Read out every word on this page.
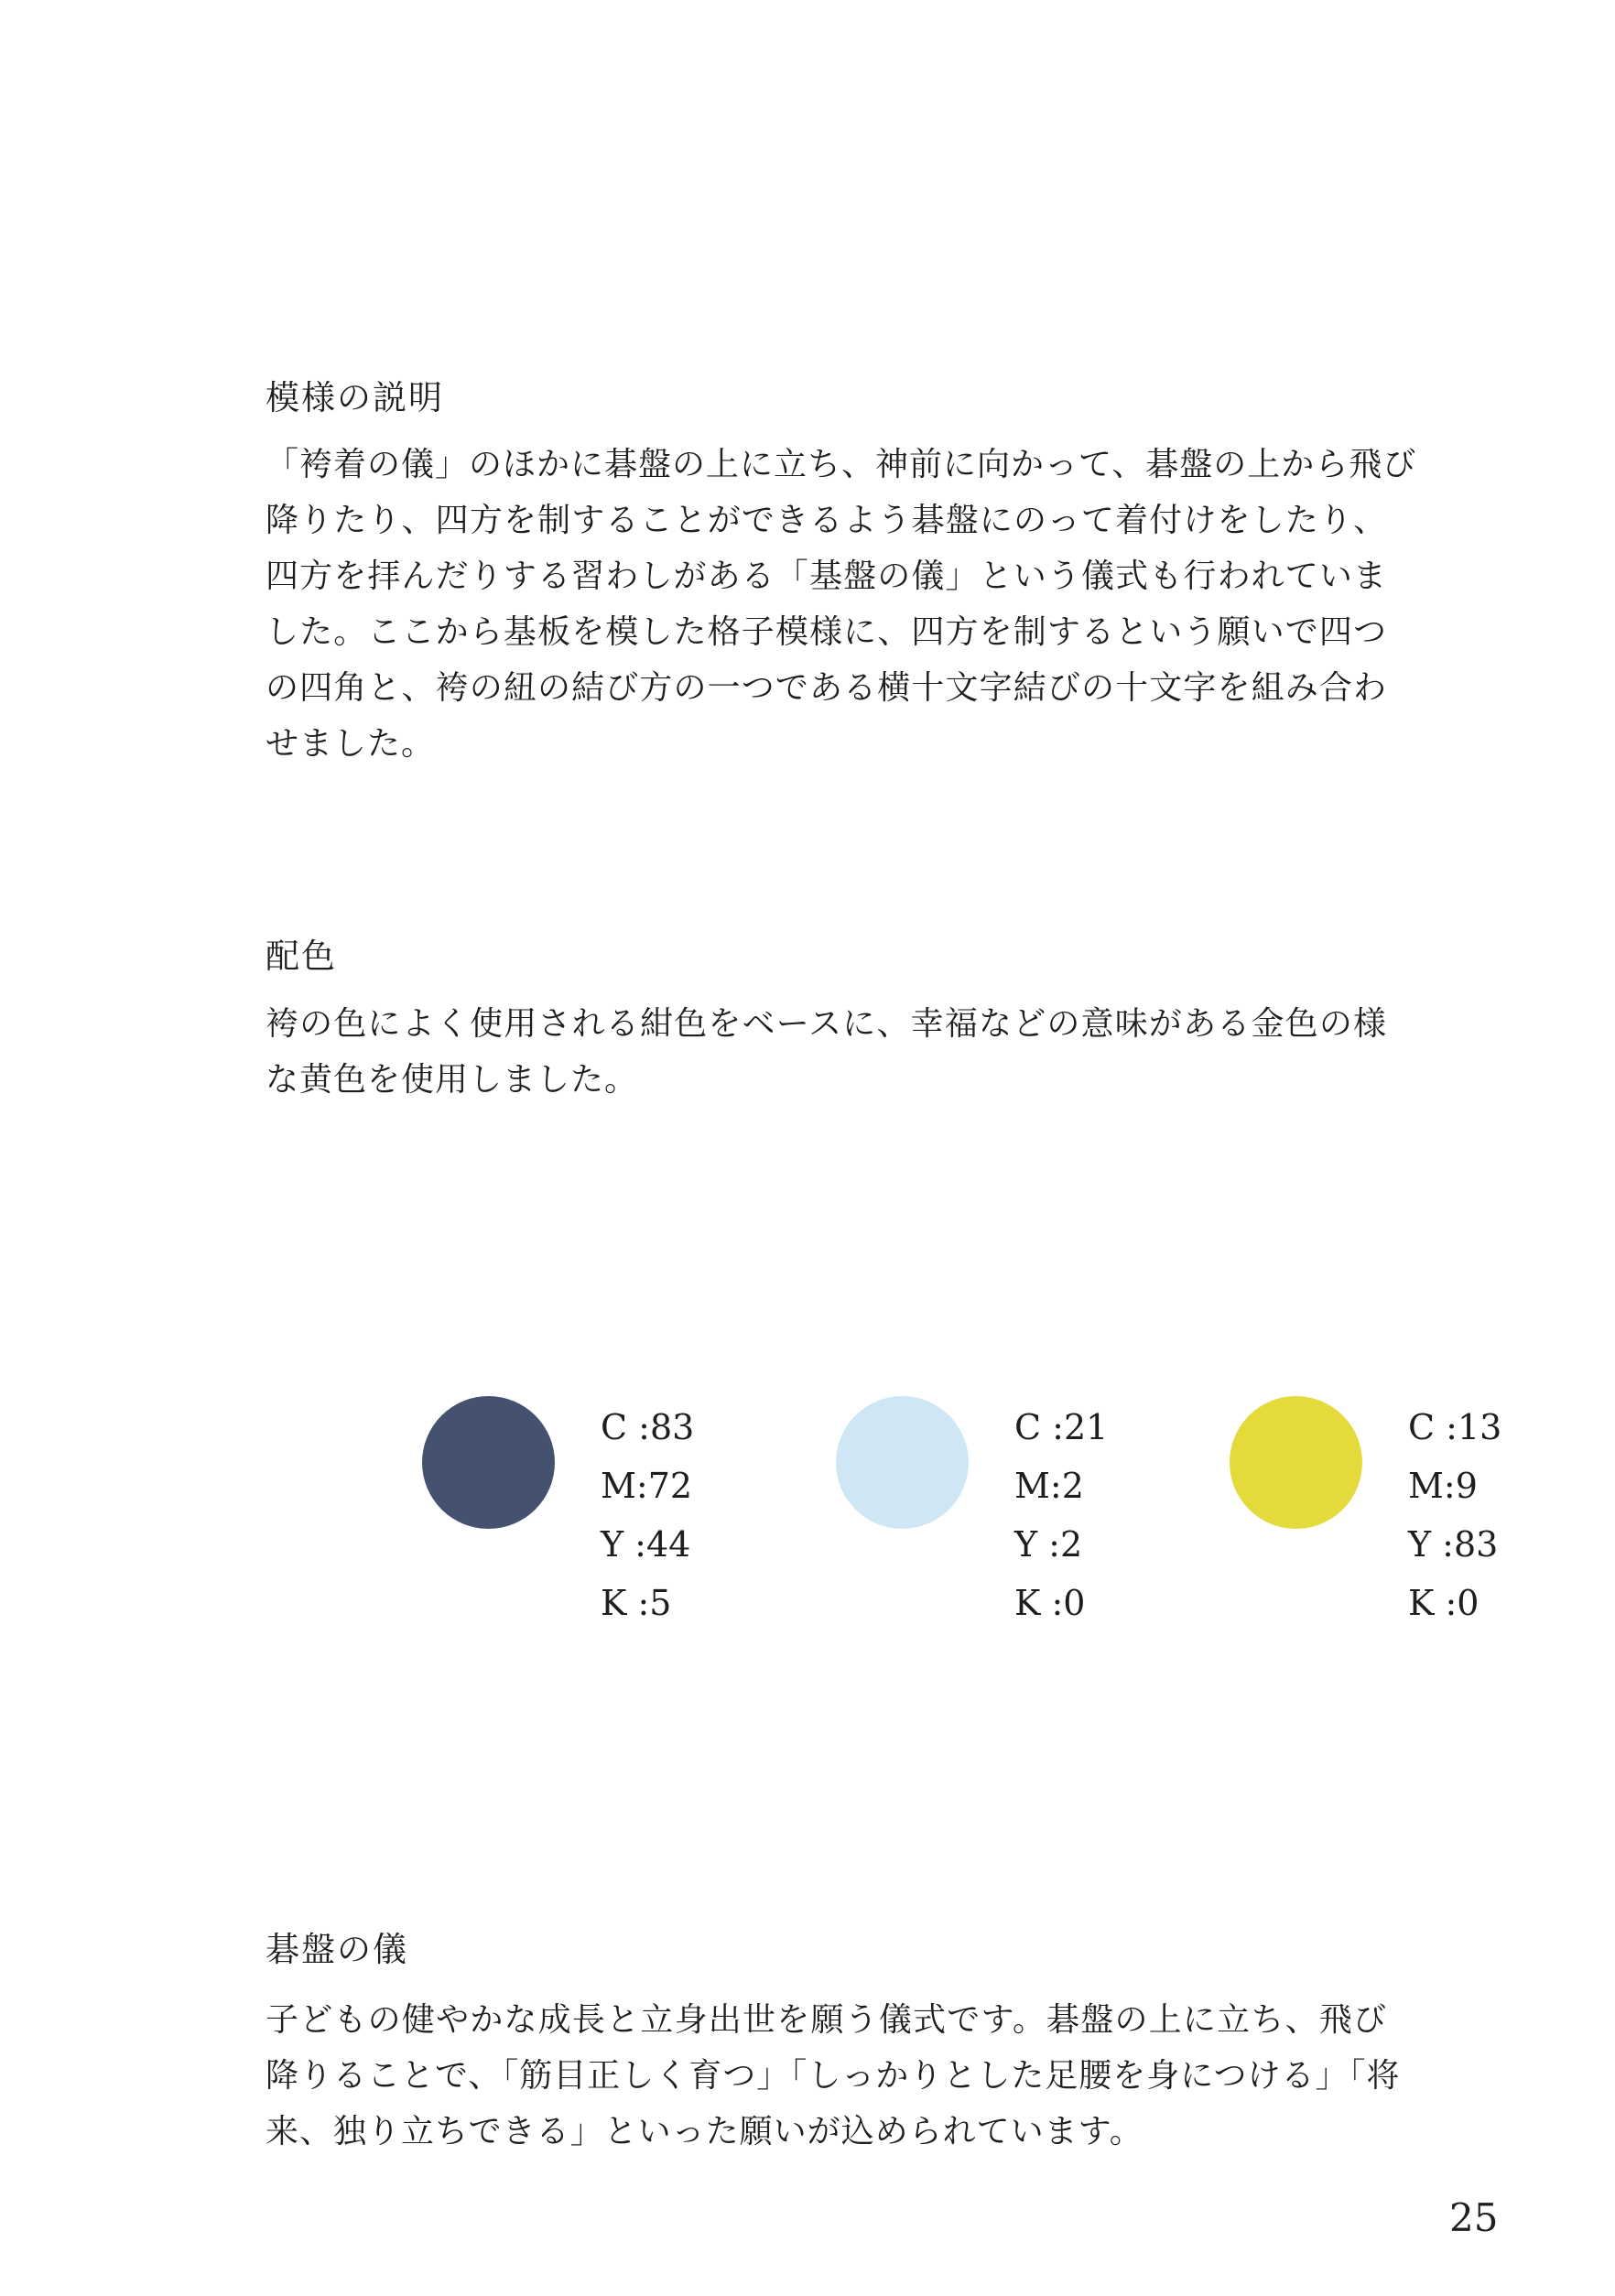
模様の説明
「袴着の儀」のほかに碁盤の上に立ち、神前に向かって、碁盤の上から飛び
降りたり、四方を制することができるよう碁盤にのって着付けをしたり、
四方を拝んだりする習わしがある「基盤の儀」という儀式も行われていま
した。ここから基板を模した格子模様に、四方を制するという願いで四つ
の四角と、袴の紐の結び方の一つである横十文字結びの十文字を組み合わ
せました。
配色
袴の色によく使用される紺色をベースに、幸福などの意味がある金色の様
な黄色を使用しました。
C :83
M:72
Y :44
K :5
C :21
M:2
Y :2
K :0
C :13
M:9
Y :83
K :0
碁盤の儀
子どもの健やかな成長と立身出世を願う儀式です。碁盤の上に立ち、飛び
降りることで、「筋目正しく育つ」「しっかりとした足腰を身につける」「将
来、独り立ちできる」といった願いが込められています。
25
